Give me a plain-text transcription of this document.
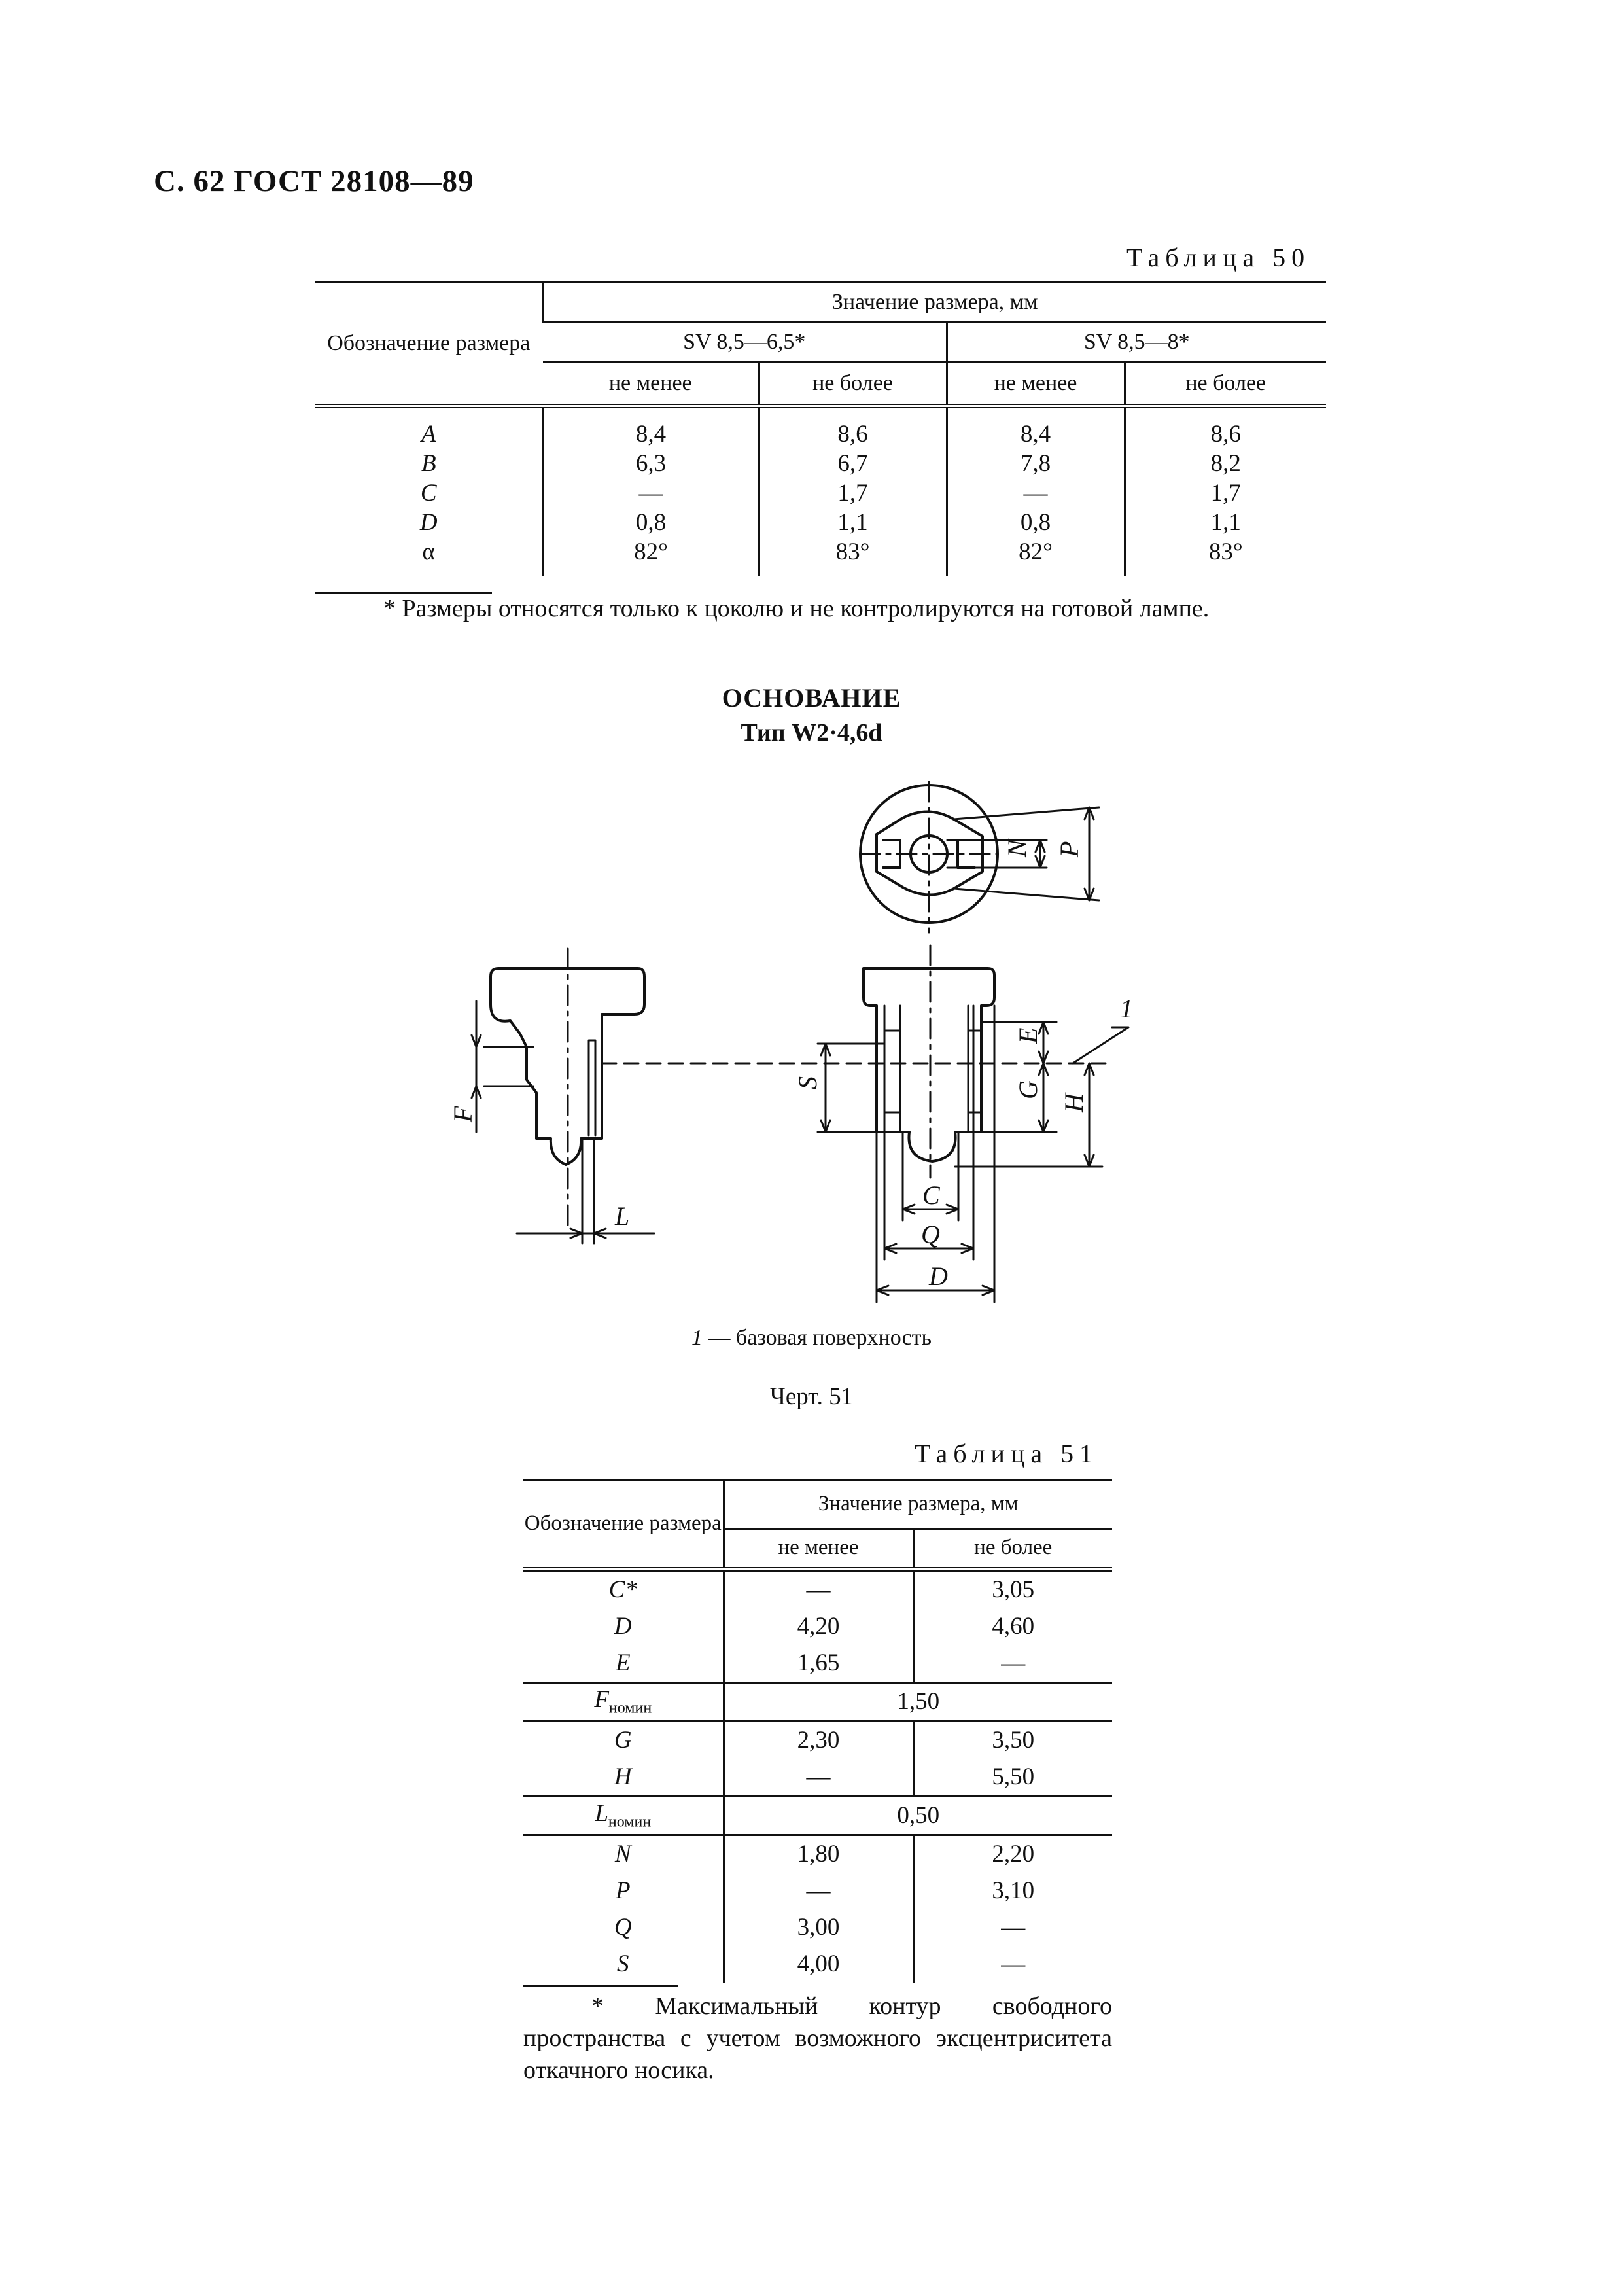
С. 62 ГОСТ 28108—89
Таблица 50
Обозначение размера	Значение размера, мм			
	SV 8,5—6,5*		SV 8,5—8*	
	не менее	не более	не менее	не более
A	8,4	8,6	8,4	8,6
B	6,3	6,7	7,8	8,2
C	—	1,7	—	1,7
D	0,8	1,1	0,8	1,1
α	82°	83°	82°	83°
* Размеры относятся только к цоколю и не контролируются на готовой лампе.
ОСНОВАНИЕ
Тип W2·4,6d
N P
F
L
S
E
G
H
1
C
Q
D
1 — базовая поверхность
Черт. 51
Таблица 51
Обозначение размера	Значение размера, мм	
	не менее	не более
C*	—	3,05
D	4,20	4,60
E	1,65	—
$F_{номин}$	1,50	
G	2,30	3,50
H	—	5,50
$L_{номин}$	0,50	
N	1,80	2,20
P	—	3,10
Q	3,00	—
S	4,00	—
* Максимальный контур свободного пространства с учетом возможного эксцентриситета откачного носика.
